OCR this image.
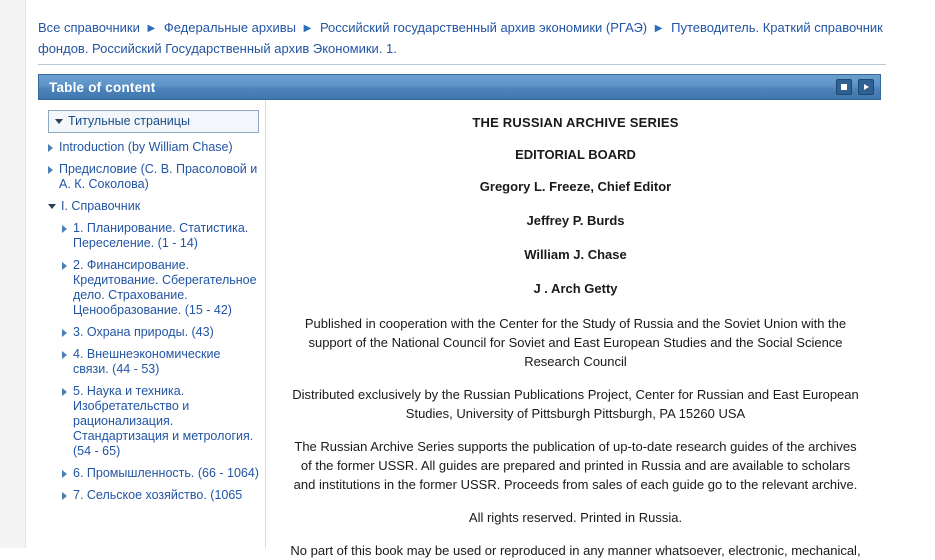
Все справочники ▶ Федеральные архивы ▶ Российский государственный архив экономики (РГАЭ) ▶ Путеводитель. Краткий справочник фондов. Российский Государственный архив Экономики. 1.
Table of content
Титульные страницы
Introduction (by William Chase)
Предисловие (С. В. Прасоловой и А. К. Соколова)
I. Справочник
1. Планирование. Статистика. Переселение. (1 - 14)
2. Финансирование. Кредитование. Сберегательное дело. Страхование. Ценообразование. (15 - 42)
3. Охрана природы. (43)
4. Внешнеэкономические связи. (44 - 53)
5. Наука и техника. Изобретательство и рационализация. Стандартизация и метрология. (54 - 65)
6. Промышленность. (66 - 1064)
7. Сельское хозяйство. (1065
THE RUSSIAN ARCHIVE SERIES
EDITORIAL BOARD
Gregory L. Freeze, Chief Editor
Jeffrey P. Burds
William J. Chase
J . Arch Getty

Published in cooperation with the Center for the Study of Russia and the Soviet Union with the support of the National Council for Soviet and East European Studies and the Social Science Research Council

Distributed exclusively by the Russian Publications Project, Center for Russian and East European Studies, University of Pittsburgh Pittsburgh, PA 15260 USA

The Russian Archive Series supports the publication of up-to-date research guides of the archives of the former USSR. All guides are prepared and printed in Russia and are available to scholars and institutions in the former USSR. Proceeds from sales of each guide go to the relevant archive.

All rights reserved. Printed in Russia.

No part of this book may be used or reproduced in any manner whatsoever, electronic, mechanical,
